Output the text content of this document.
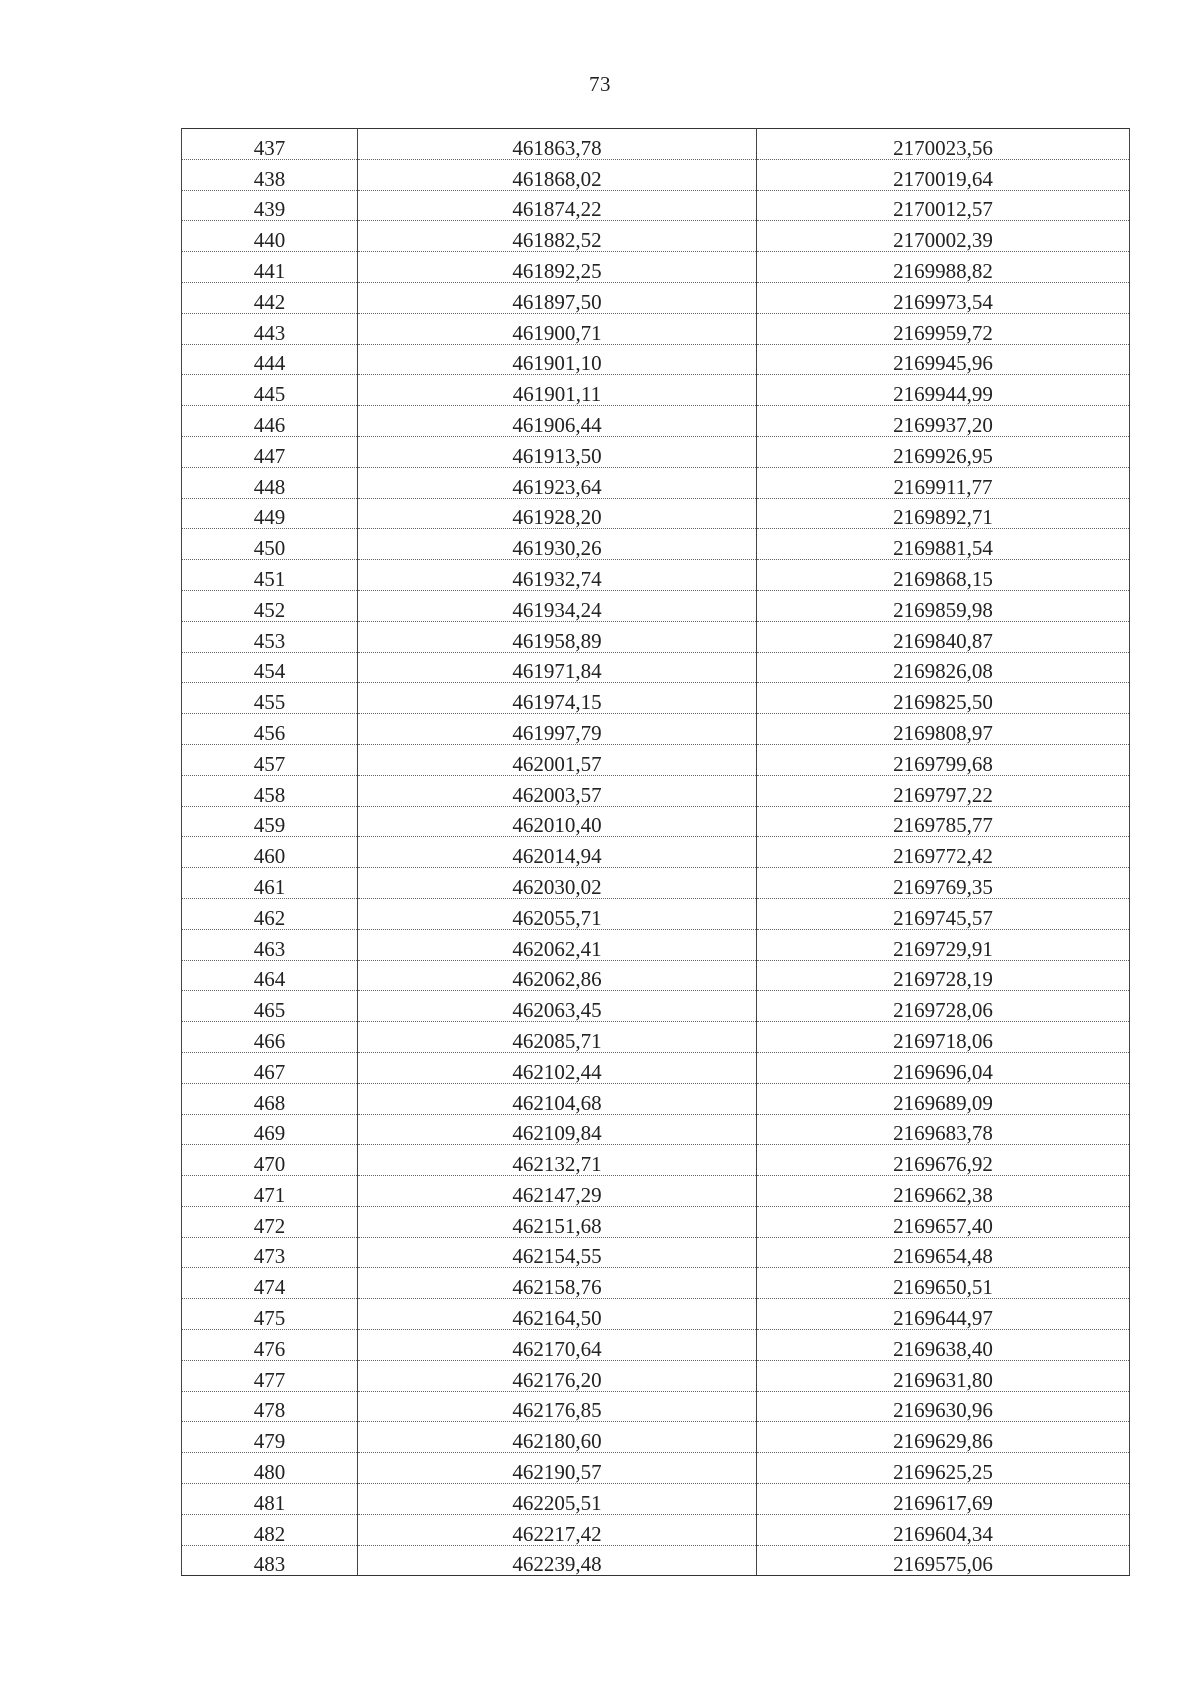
73
437	461863,78	2170023,56
438	461868,02	2170019,64
439	461874,22	2170012,57
440	461882,52	2170002,39
441	461892,25	2169988,82
442	461897,50	2169973,54
443	461900,71	2169959,72
444	461901,10	2169945,96
445	461901,11	2169944,99
446	461906,44	2169937,20
447	461913,50	2169926,95
448	461923,64	2169911,77
449	461928,20	2169892,71
450	461930,26	2169881,54
451	461932,74	2169868,15
452	461934,24	2169859,98
453	461958,89	2169840,87
454	461971,84	2169826,08
455	461974,15	2169825,50
456	461997,79	2169808,97
457	462001,57	2169799,68
458	462003,57	2169797,22
459	462010,40	2169785,77
460	462014,94	2169772,42
461	462030,02	2169769,35
462	462055,71	2169745,57
463	462062,41	2169729,91
464	462062,86	2169728,19
465	462063,45	2169728,06
466	462085,71	2169718,06
467	462102,44	2169696,04
468	462104,68	2169689,09
469	462109,84	2169683,78
470	462132,71	2169676,92
471	462147,29	2169662,38
472	462151,68	2169657,40
473	462154,55	2169654,48
474	462158,76	2169650,51
475	462164,50	2169644,97
476	462170,64	2169638,40
477	462176,20	2169631,80
478	462176,85	2169630,96
479	462180,60	2169629,86
480	462190,57	2169625,25
481	462205,51	2169617,69
482	462217,42	2169604,34
483	462239,48	2169575,06
